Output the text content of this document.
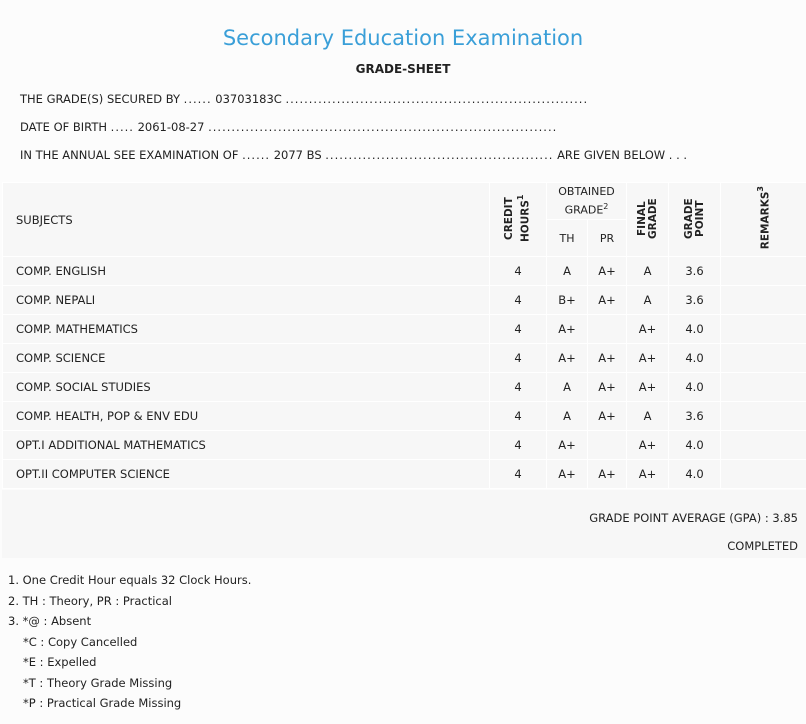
Secondary Education Examination
GRADE-SHEET
THE GRADE(S) SECURED BY ...... 03703183C .................................................................
DATE OF BIRTH ..... 2061-08-27 ...........................................................................
IN THE ANNUAL SEE EXAMINATION OF ...... 2077 BS ................................................. ARE GIVEN BELOW . . .
SUBJECTS	CREDIT HOURS$^1$	OBTAINED GRADE$^2$		FINAL GRADE	GRADE POINT	REMARKS$^3$
		TH	PR			
COMP. ENGLISH	4	A	A+	A	3.6	
COMP. NEPALI	4	B+	A+	A	3.6	
COMP. MATHEMATICS	4	A+		A+	4.0	
COMP. SCIENCE	4	A+	A+	A+	4.0	
COMP. SOCIAL STUDIES	4	A	A+	A+	4.0	
COMP. HEALTH, POP & ENV EDU	4	A	A+	A	3.6	
OPT.I ADDITIONAL MATHEMATICS	4	A+		A+	4.0	
OPT.II COMPUTER SCIENCE	4	A+	A+	A+	4.0	
GRADE POINT AVERAGE (GPA) : 3.85
COMPLETED
1. One Credit Hour equals 32 Clock Hours.
2. TH : Theory, PR : Practical
3. *@ : Absent
*C : Copy Cancelled
*E : Expelled
*T : Theory Grade Missing
*P : Practical Grade Missing
